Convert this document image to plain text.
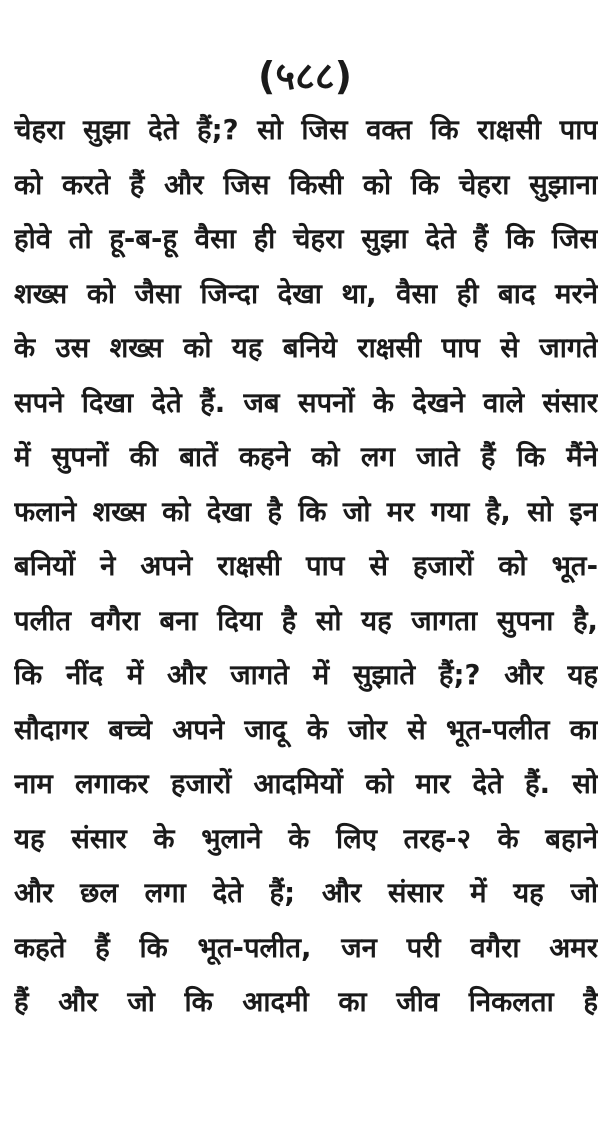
(५८८)
चेहरा सुझा देते हैं;? सो जिस वक्त कि राक्षसी पाप
को करते हैं और जिस किसी को कि चेहरा सुझाना
होवे तो हू-ब-हू वैसा ही चेहरा सुझा देते हैं कि जिस
शख्स को जैसा जिन्दा देखा था, वैसा ही बाद मरने
के उस शख्स को यह बनिये राक्षसी पाप से जागते
सपने दिखा देते हैं. जब सपनों के देखने वाले संसार
में सुपनों की बातें कहने को लग जाते हैं कि मैंने
फलाने शख्स को देखा है कि जो मर गया है, सो इन
बनियों ने अपने राक्षसी पाप से हजारों को भूत-
पलीत वगैरा बना दिया है सो यह जागता सुपना है,
कि नींद में और जागते में सुझाते हैं;? और यह
सौदागर बच्चे अपने जादू के जोर से भूत-पलीत का
नाम लगाकर हजारों आदमियों को मार देते हैं. सो
यह संसार के भुलाने के लिए तरह-२ के बहाने
और छल लगा देते हैं; और संसार में यह जो
कहते हैं कि भूत-पलीत, जन परी वगैरा अमर
हैं और जो कि आदमी का जीव निकलता है
